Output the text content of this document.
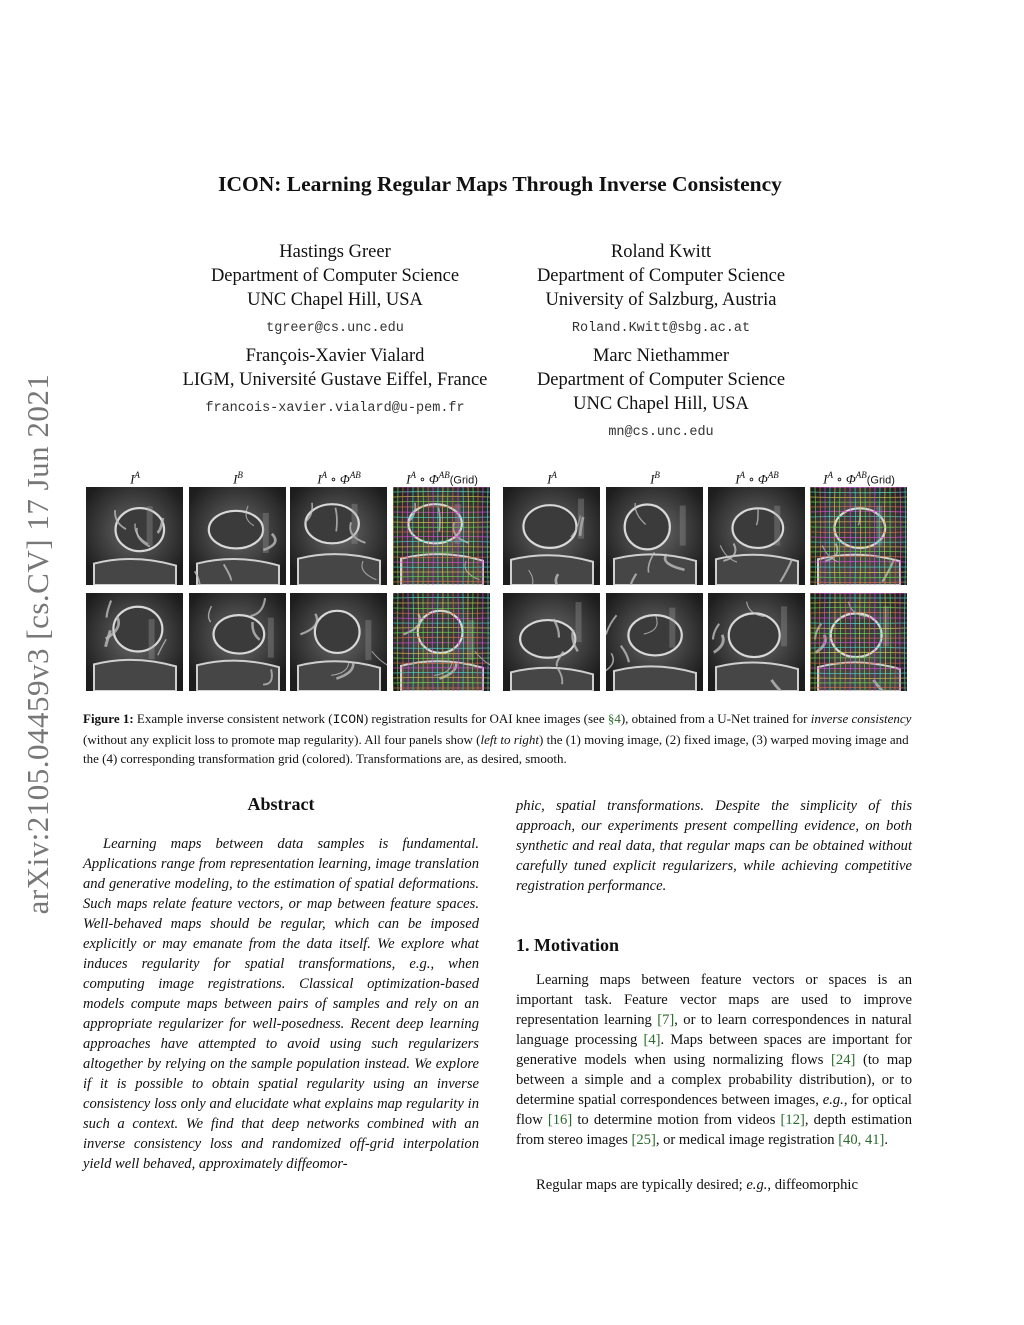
arXiv:2105.04459v3 [cs.CV] 17 Jun 2021
ICON: Learning Regular Maps Through Inverse Consistency
Hastings Greer
Department of Computer Science
UNC Chapel Hill, USA
tgreer@cs.unc.edu
Roland Kwitt
Department of Computer Science
University of Salzburg, Austria
Roland.Kwitt@sbg.ac.at
François-Xavier Vialard
LIGM, Université Gustave Eiffel, France
francois-xavier.vialard@u-pem.fr
Marc Niethammer
Department of Computer Science
UNC Chapel Hill, USA
mn@cs.unc.edu
$I^A$	$I^B$	$I^A$ ∘ $\Phi^{AB}$	$I^A$ ∘ $\Phi^{AB}(Grid)$	$I^A$	$I^B$	$I^A$ ∘ $\Phi^{AB}$	$I^A$ ∘ $\Phi^{AB}(Grid)$
Figure 1: Example inverse consistent network (ICON) registration results for OAI knee images (see §4), obtained from a U-Net trained for inverse consistency (without any explicit loss to promote map regularity). All four panels show (left to right) the (1) moving image, (2) fixed image, (3) warped moving image and the (4) corresponding transformation grid (colored). Transformations are, as desired, smooth.
Abstract
Learning maps between data samples is fundamental. Applications range from representation learning, image translation and generative modeling, to the estimation of spatial deformations. Such maps relate feature vectors, or map between feature spaces. Well-behaved maps should be regular, which can be imposed explicitly or may emanate from the data itself. We explore what induces regularity for spatial transformations, e.g., when computing image registrations. Classical optimization-based models compute maps between pairs of samples and rely on an appropriate regularizer for well-posedness. Recent deep learning approaches have attempted to avoid using such regularizers altogether by relying on the sample population instead. We explore if it is possible to obtain spatial regularity using an inverse consistency loss only and elucidate what explains map regularity in such a context. We find that deep networks combined with an inverse consistency loss and randomized off-grid interpolation yield well behaved, approximately diffeomor-
phic, spatial transformations. Despite the simplicity of this approach, our experiments present compelling evidence, on both synthetic and real data, that regular maps can be obtained without carefully tuned explicit regularizers, while achieving competitive registration performance.
1. Motivation
Learning maps between feature vectors or spaces is an important task. Feature vector maps are used to improve representation learning [7], or to learn correspondences in natural language processing [4]. Maps between spaces are important for generative models when using normalizing flows [24] (to map between a simple and a complex probability distribution), or to determine spatial correspondences between images, e.g., for optical flow [16] to determine motion from videos [12], depth estimation from stereo images [25], or medical image registration [40, 41].
Regular maps are typically desired; e.g., diffeomorphic
